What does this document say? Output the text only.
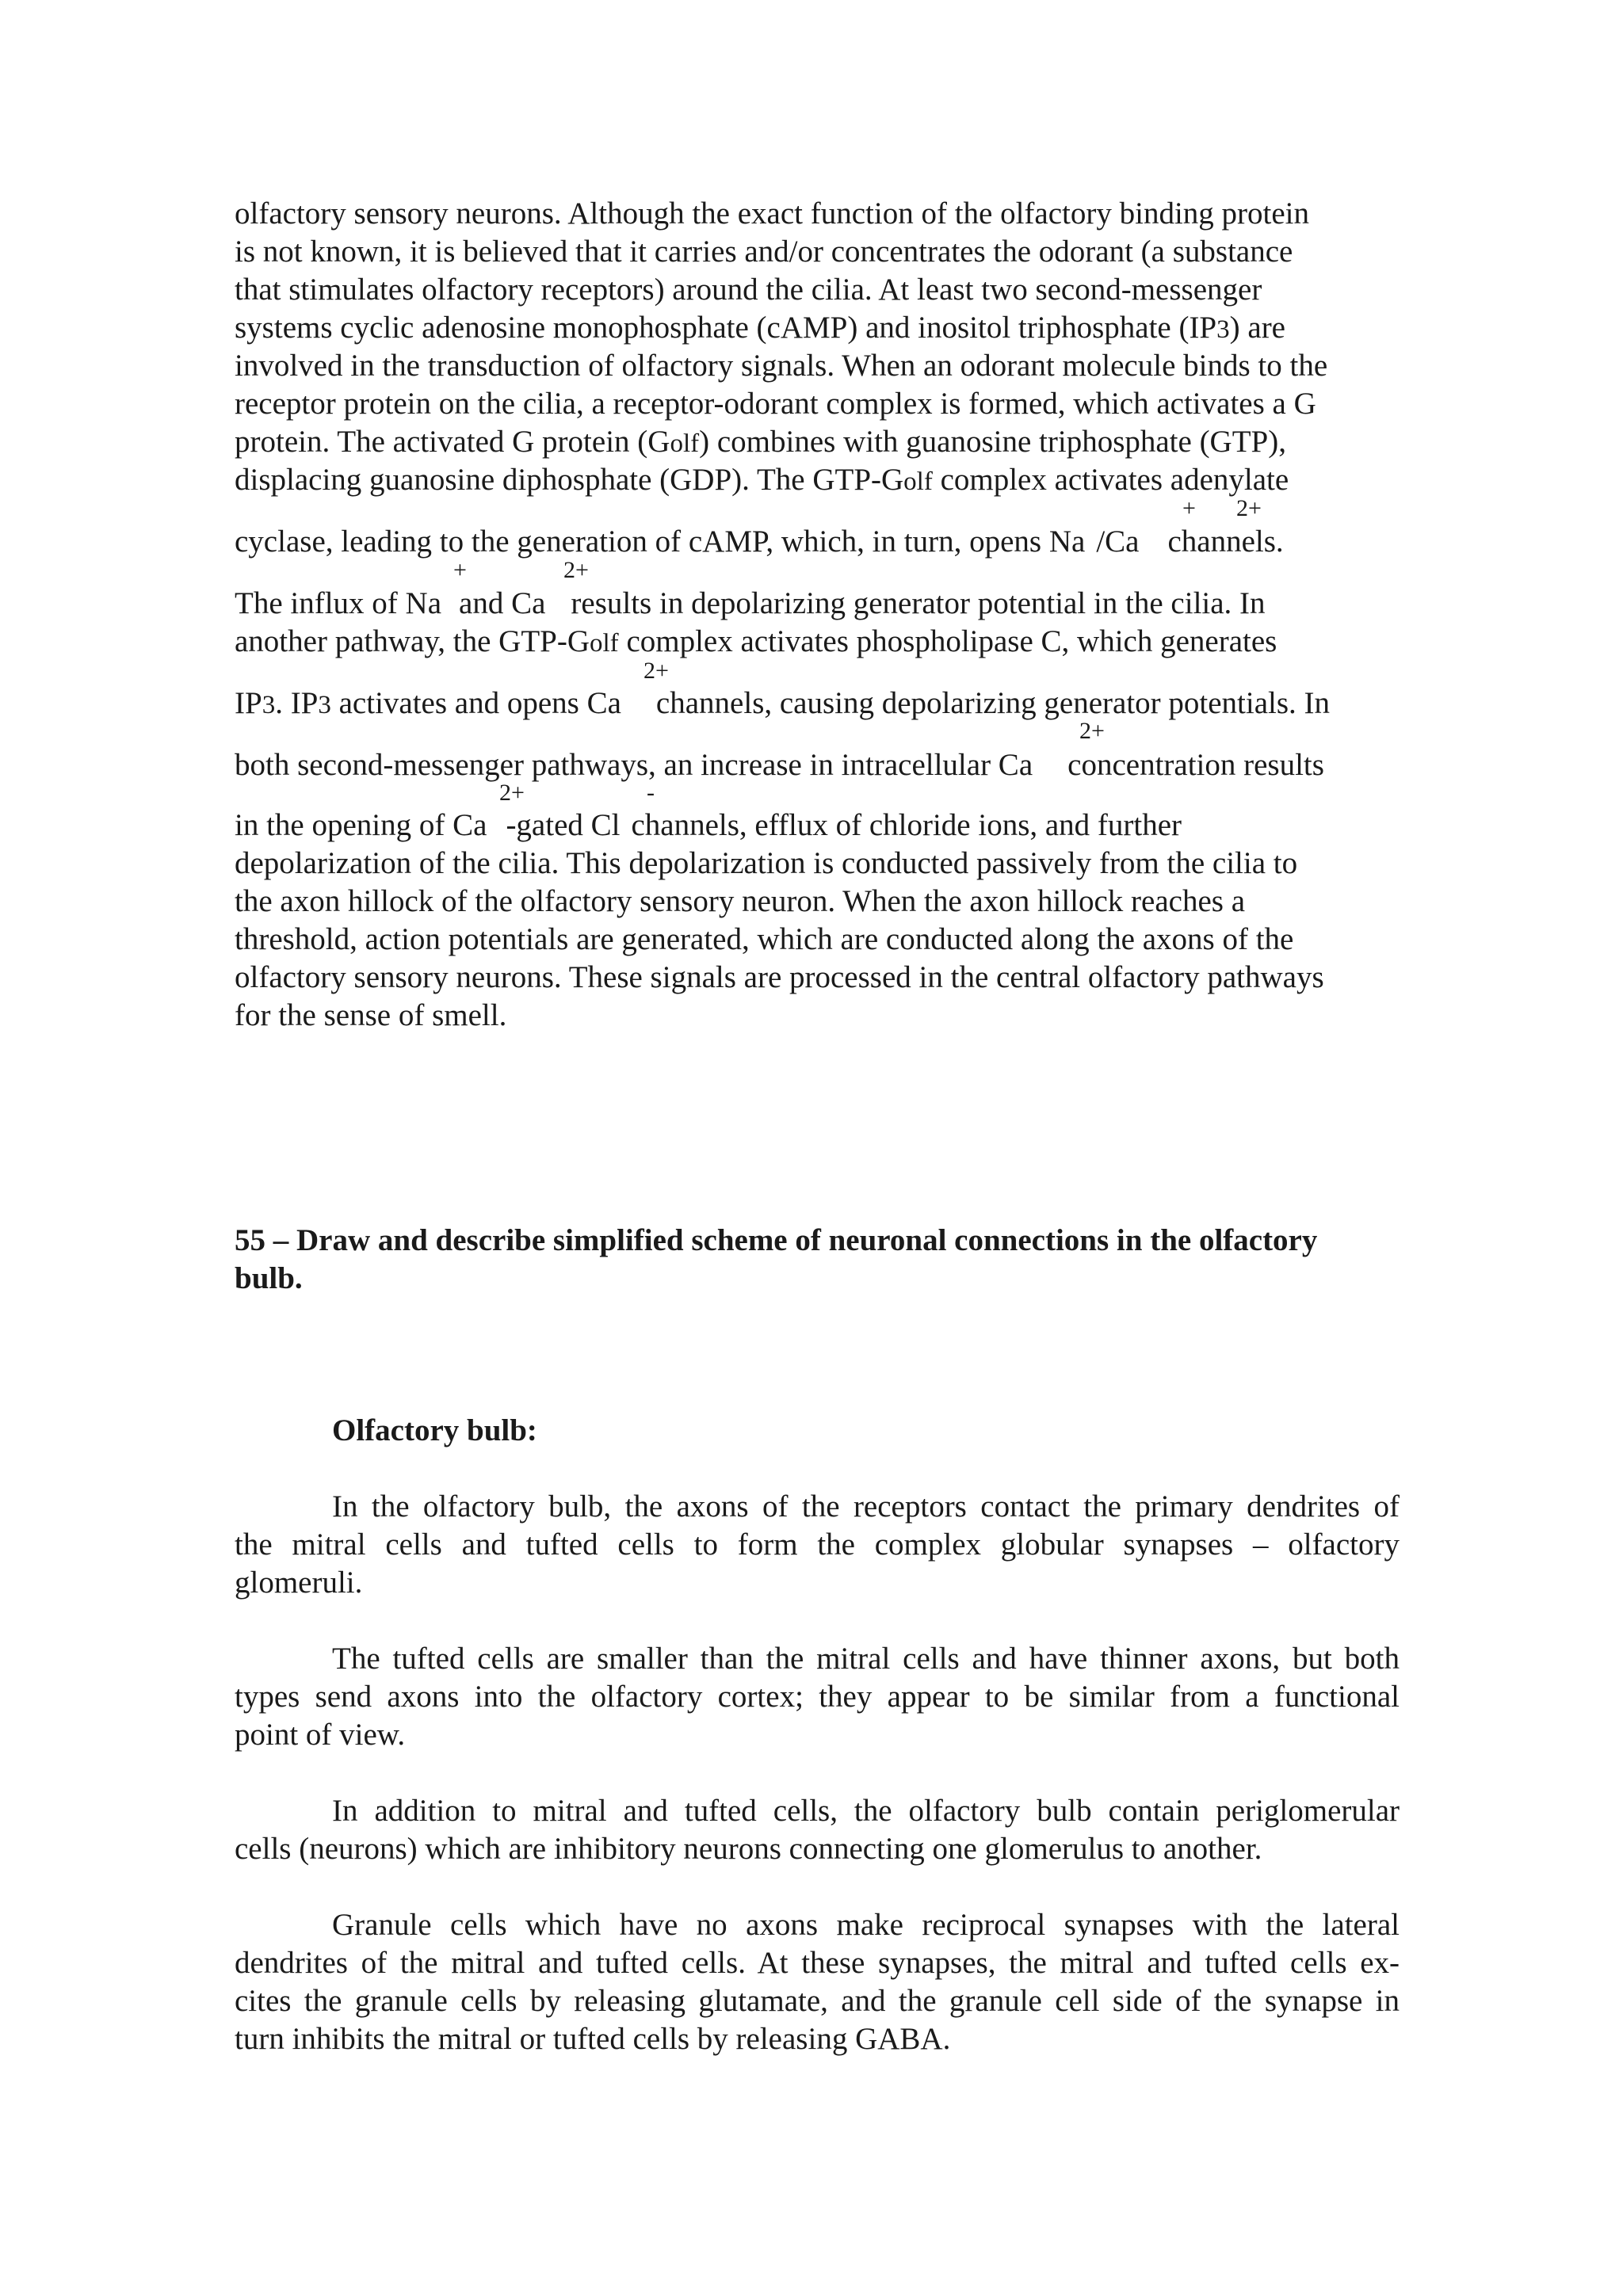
olfactory sensory neurons. Although the exact function of the olfactory binding protein
is not known, it is believed that it carries and/or concentrates the odorant (a substance
that stimulates olfactory receptors) around the cilia. At least two second-messenger
systems cyclic adenosine monophosphate (cAMP) and inositol triphosphate (IP3) are
involved in the transduction of olfactory signals. When an odorant molecule binds to the
receptor protein on the cilia, a receptor-odorant complex is formed, which activates a G
protein. The activated G protein (Golf) combines with guanosine triphosphate (GTP),
displacing guanosine diphosphate (GDP). The GTP-Golf complex activates adenylate
+ 2+
cyclase, leading to the generation of cAMP, which, in turn, opens Na /Ca channels.
+	2+
The influx of Na and Ca results in depolarizing generator potential in the cilia. In
another pathway, the GTP-Golf complex activates phospholipase C, which generates
2+
IP3. IP3 activates and opens Ca channels, causing depolarizing generator potentials. In
2+
both second-messenger pathways, an increase in intracellular Ca concentration results
2+	-
in the opening of Ca -gated Cl channels, efflux of chloride ions, and further
depolarization of the cilia. This depolarization is conducted passively from the cilia to
the axon hillock of the olfactory sensory neuron. When the axon hillock reaches a
threshold, action potentials are generated, which are conducted along the axons of the
olfactory sensory neurons. These signals are processed in the central olfactory pathways
for the sense of smell.
55 – Draw and describe simplified scheme of neuronal connections in the olfactory
bulb.
Olfactory bulb:
In the olfactory bulb, the axons of the receptors contact the primary dendrites of
the mitral cells and tufted cells to form the complex globular synapses – olfactory
glomeruli.
The tufted cells are smaller than the mitral cells and have thinner axons, but both
types send axons into the olfactory cortex; they appear to be similar from a functional
point of view.
In addition to mitral and tufted cells, the olfactory bulb contain periglomerular
cells (neurons) which are inhibitory neurons connecting one glomerulus to another.
Granule cells which have no axons make reciprocal synapses with the lateral
dendrites of the mitral and tufted cells. At these synapses, the mitral and tufted cells ex-
cites the granule cells by releasing glutamate, and the granule cell side of the synapse in
turn inhibits the mitral or tufted cells by releasing GABA.
